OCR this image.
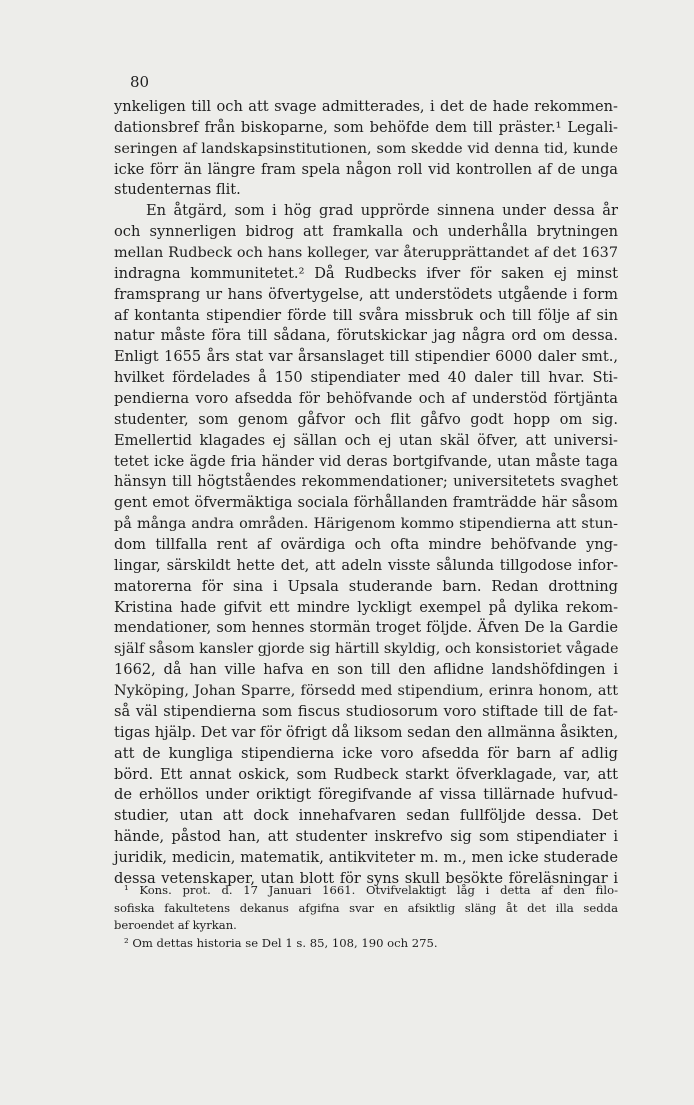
80

ynkeligen till och att svage admitterades, i det de hade rekommen-
dationsbref från biskoparne, som behöfde dem till präster.¹ Legali-
seringen af landskapsinstitutionen, som skedde vid denna tid, kunde
icke förr än längre fram spela någon roll vid kontrollen af de unga
studenternas flit.
En åtgärd, som i hög grad upprörde sinnena under dessa år
och synnerligen bidrog att framkalla och underhålla brytningen
mellan Rudbeck och hans kolleger, var återupprättandet af det 1637
indragna kommunitetet.² Då Rudbecks ifver för saken ej minst
framsprang ur hans öfvertygelse, att understödets utgående i form
af kontanta stipendier förde till svåra missbruk och till följe af sin
natur måste föra till sådana, förutskickar jag några ord om dessa.
Enligt 1655 års stat var årsanslaget till stipendier 6000 daler smt.,
hvilket fördelades å 150 stipendiater med 40 daler till hvar. Sti-
pendierna voro afsedda för behöfvande och af understöd förtjänta
studenter, som genom gåfvor och flit gåfvo godt hopp om sig.
Emellertid klagades ej sällan och ej utan skäl öfver, att universi-
tetet icke ägde fria händer vid deras bortgifvande, utan måste taga
hänsyn till högtståendes rekommendationer; universitetets svaghet
gent emot öfvermäktiga sociala förhållanden framträdde här såsom
på många andra områden. Härigenom kommo stipendierna att stun-
dom tillfalla rent af ovärdiga och ofta mindre behöfvande yng-
lingar, särskildt hette det, att adeln visste sålunda tillgodose infor-
matorerna för sina i Upsala studerande barn. Redan drottning
Kristina hade gifvit ett mindre lyckligt exempel på dylika rekom-
mendationer, som hennes stormän troget följde. Äfven De la Gardie
själf såsom kansler gjorde sig härtill skyldig, och konsistoriet vågade
1662, då han ville hafva en son till den aflidne landshöfdingen i
Nyköping, Johan Sparre, försedd med stipendium, erinra honom, att
så väl stipendierna som fiscus studiosorum voro stiftade till de fat-
tigas hjälp. Det var för öfrigt då liksom sedan den allmänna åsikten,
att de kungliga stipendierna icke voro afsedda för barn af adlig
börd. Ett annat oskick, som Rudbeck starkt öfverklagade, var, att
de erhöllos under oriktigt föregifvande af vissa tillärnade hufvud-
studier, utan att dock innehafvaren sedan fullföljde dessa. Det
hände, påstod han, att studenter inskrefvo sig som stipendiater i
juridik, medicin, matematik, antikviteter m. m., men icke studerade
dessa vetenskaper, utan blott för syns skull besökte föreläsningar i
¹ Kons. prot. d. 17 Januari 1661. Otvifvelaktigt låg i detta af den filo-
sofiska fakultetens dekanus afgifna svar en afsiktlig släng åt det illa sedda
beroendet af kyrkan.
² Om dettas historia se Del 1 s. 85, 108, 190 och 275.
